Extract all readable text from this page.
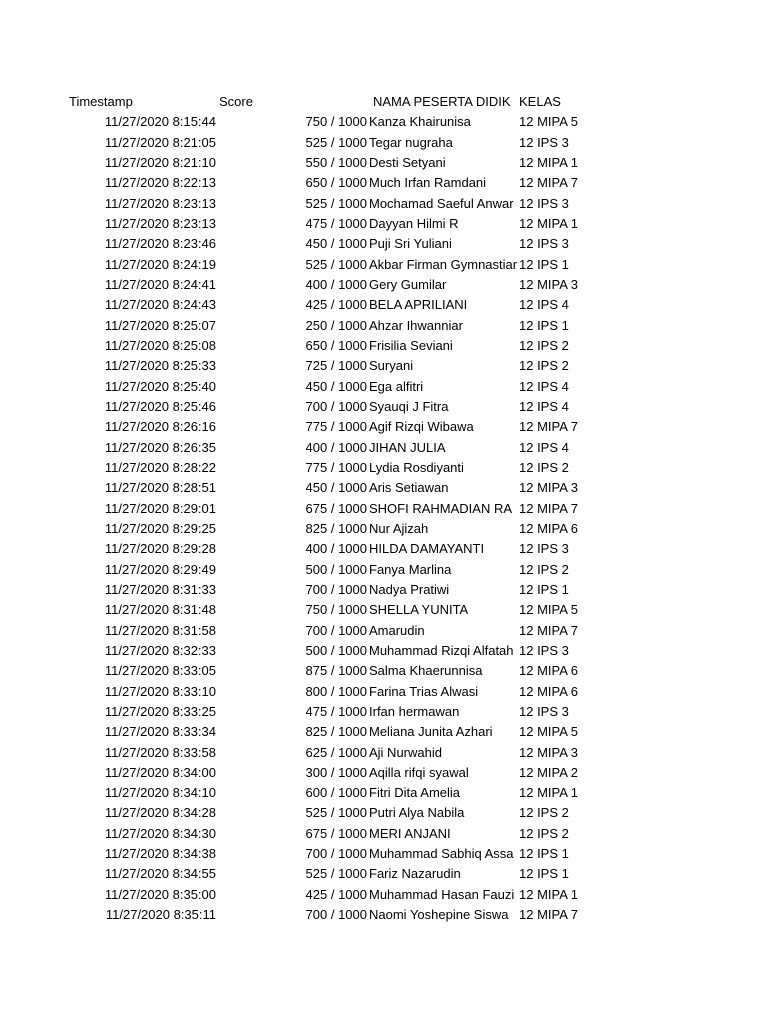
Timestamp	Score	NAMA PESERTA DIDIK KELAS
11/27/2020 8:15:44	750 / 1000 Kanza Khairunisa	12 MIPA 5
11/27/2020 8:21:05	525 / 1000 Tegar nugraha	12 IPS 3
11/27/2020 8:21:10	550 / 1000 Desti Setyani	12 MIPA 1
11/27/2020 8:22:13	650 / 1000 Much Irfan Ramdani	12 MIPA 7
11/27/2020 8:23:13	525 / 1000 Mochamad Saeful Anwar 12 IPS 3
11/27/2020 8:23:13	475 / 1000 Dayyan Hilmi R	12 MIPA 1
11/27/2020 8:23:46	450 / 1000 Puji Sri Yuliani	12 IPS 3
11/27/2020 8:24:19	525 / 1000 Akbar Firman Gymnastiar 12 IPS 1
11/27/2020 8:24:41	400 / 1000 Gery Gumilar	12 MIPA 3
11/27/2020 8:24:43	425 / 1000 BELA APRILIANI	12 IPS 4
11/27/2020 8:25:07	250 / 1000 Ahzar Ihwanniar	12 IPS 1
11/27/2020 8:25:08	650 / 1000 Frisilia Seviani	12 IPS 2
11/27/2020 8:25:33	725 / 1000 Suryani	12 IPS 2
11/27/2020 8:25:40	450 / 1000 Ega alfitri	12 IPS 4
11/27/2020 8:25:46	700 / 1000 Syauqi J Fitra	12 IPS 4
11/27/2020 8:26:16	775 / 1000 Agif Rizqi Wibawa	12 MIPA 7
11/27/2020 8:26:35	400 / 1000 JIHAN JULIA	12 IPS 4
11/27/2020 8:28:22	775 / 1000 Lydia Rosdiyanti	12 IPS 2
11/27/2020 8:28:51	450 / 1000 Aris Setiawan	12 MIPA 3
11/27/2020 8:29:01	675 / 1000 SHOFI RAHMADIAN RA 12 MIPA 7
11/27/2020 8:29:25	825 / 1000 Nur Ajizah	12 MIPA 6
11/27/2020 8:29:28	400 / 1000 HILDA DAMAYANTI	12 IPS 3
11/27/2020 8:29:49	500 / 1000 Fanya Marlina	12 IPS 2
11/27/2020 8:31:33	700 / 1000 Nadya Pratiwi	12 IPS 1
11/27/2020 8:31:48	750 / 1000 SHELLA YUNITA	12 MIPA 5
11/27/2020 8:31:58	700 / 1000 Amarudin	12 MIPA 7
11/27/2020 8:32:33	500 / 1000 Muhammad Rizqi Alfatah 12 IPS 3
11/27/2020 8:33:05	875 / 1000 Salma Khaerunnisa	12 MIPA 6
11/27/2020 8:33:10	800 / 1000 Farina Trias Alwasi	12 MIPA 6
11/27/2020 8:33:25	475 / 1000 Irfan hermawan	12 IPS 3
11/27/2020 8:33:34	825 / 1000 Meliana Junita Azhari	12 MIPA 5
11/27/2020 8:33:58	625 / 1000 Aji Nurwahid	12 MIPA 3
11/27/2020 8:34:00	300 / 1000 Aqilla rifqi syawal	12 MIPA 2
11/27/2020 8:34:10	600 / 1000 Fitri Dita Amelia	12 MIPA 1
11/27/2020 8:34:28	525 / 1000 Putri Alya Nabila	12 IPS 2
11/27/2020 8:34:30	675 / 1000 MERI ANJANI	12 IPS 2
11/27/2020 8:34:38	700 / 1000 Muhammad Sabhiq Assa 12 IPS 1
11/27/2020 8:34:55	525 / 1000 Fariz Nazarudin	12 IPS 1
11/27/2020 8:35:00	425 / 1000 Muhammad Hasan Fauzi 12 MIPA 1
11/27/2020 8:35:11	700 / 1000 Naomi Yoshepine Siswa 12 MIPA 7
